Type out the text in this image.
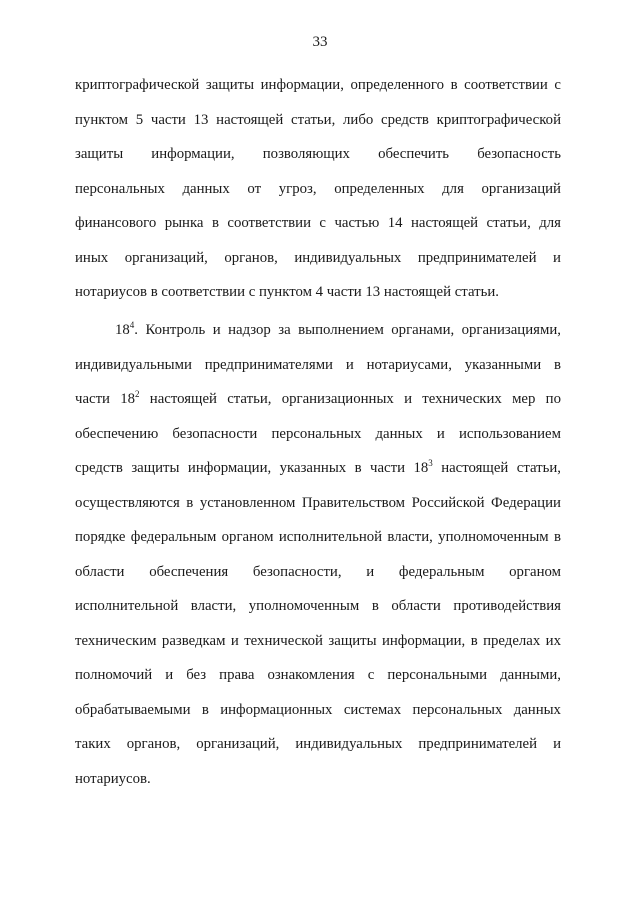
33
криптографической защиты информации, определенного в соответствии с
пунктом 5 части 13 настоящей статьи, либо средств криптографической
защиты информации, позволяющих обеспечить безопасность
персональных данных от угроз, определенных для организаций
финансового рынка в соответствии с частью 14 настоящей статьи, для
иных организаций, органов, индивидуальных предпринимателей и
нотариусов в соответствии с пунктом 4 части 13 настоящей статьи.
$18^4$. Контроль и надзор за выполнением органами, организациями,
индивидуальными предпринимателями и нотариусами, указанными в
части $18^2$ настоящей статьи, организационных и технических мер по
обеспечению безопасности персональных данных и использованием
средств защиты информации, указанных в части $18^3$ настоящей статьи,
осуществляются в установленном Правительством Российской Федерации
порядке федеральным органом исполнительной власти, уполномоченным в
области обеспечения безопасности, и федеральным органом
исполнительной власти, уполномоченным в области противодействия
техническим разведкам и технической защиты информации, в пределах их
полномочий и без права ознакомления с персональными данными,
обрабатываемыми в информационных системах персональных данных
таких органов, организаций, индивидуальных предпринимателей и
нотариусов.
